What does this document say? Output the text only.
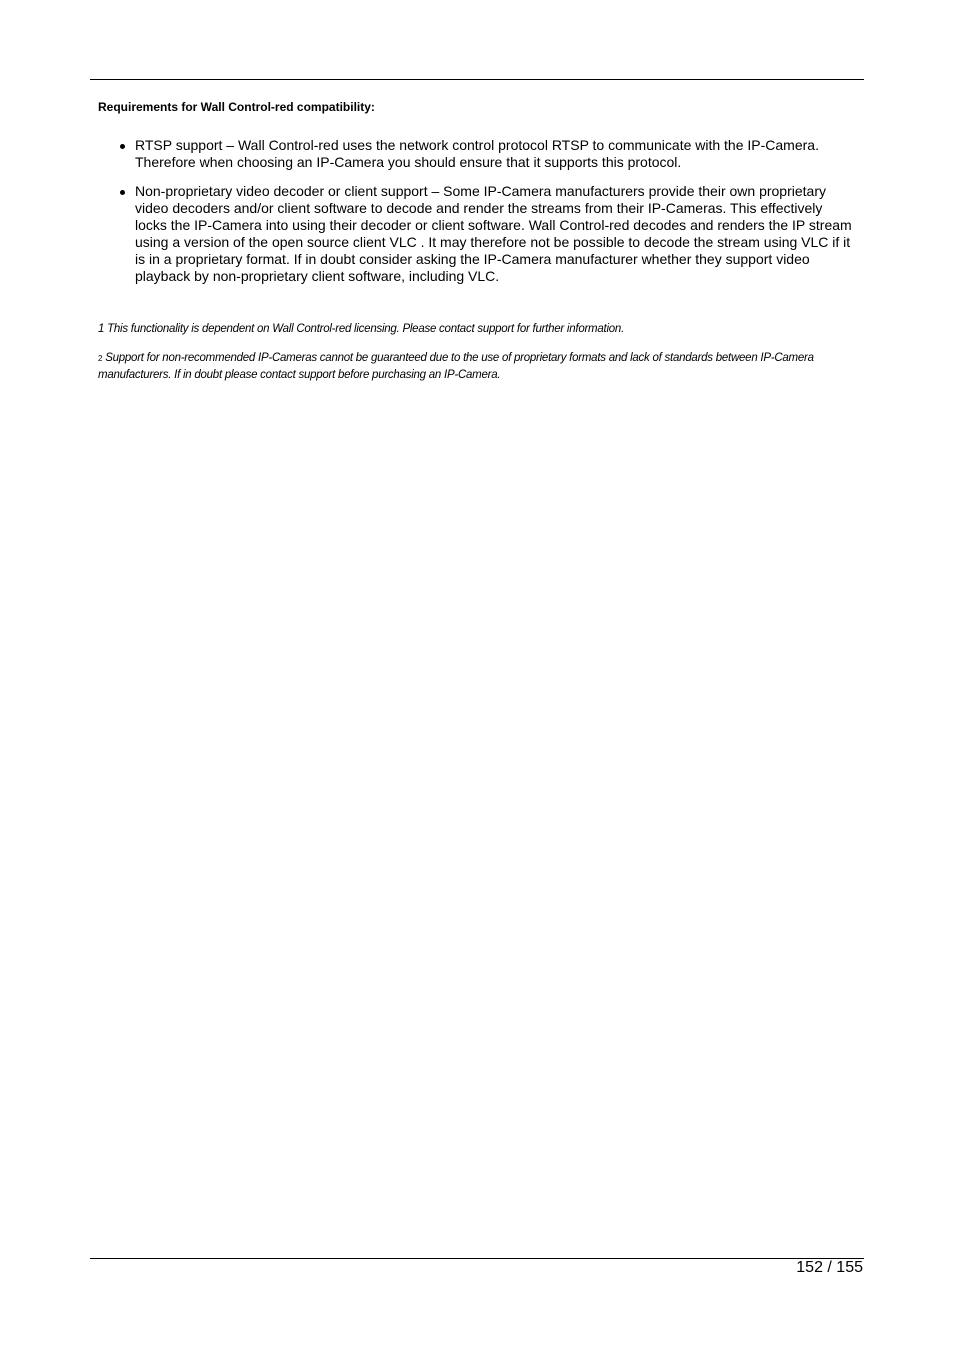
Requirements for Wall Control-red compatibility:

RTSP support – Wall Control-red uses the network control protocol RTSP to communicate with the IP-Camera. Therefore when choosing an IP-Camera you should ensure that it supports this protocol.
Non-proprietary video decoder or client support – Some IP-Camera manufacturers provide their own proprietary video decoders and/or client software to decode and render the streams from their IP-Cameras. This effectively locks the IP-Camera into using their decoder or client software. Wall Control-red decodes and renders the IP stream using a version of the open source client VLC . It may therefore not be possible to decode the stream using VLC if it is in a proprietary format. If in doubt consider asking the IP-Camera manufacturer whether they support video playback by non-proprietary client software, including VLC.
1 This functionality is dependent on Wall Control-red licensing. Please contact support for further information.
2 Support for non-recommended IP-Cameras cannot be guaranteed due to the use of proprietary formats and lack of standards between IP-Camera manufacturers. If in doubt please contact support before purchasing an IP-Camera.
152 / 155
